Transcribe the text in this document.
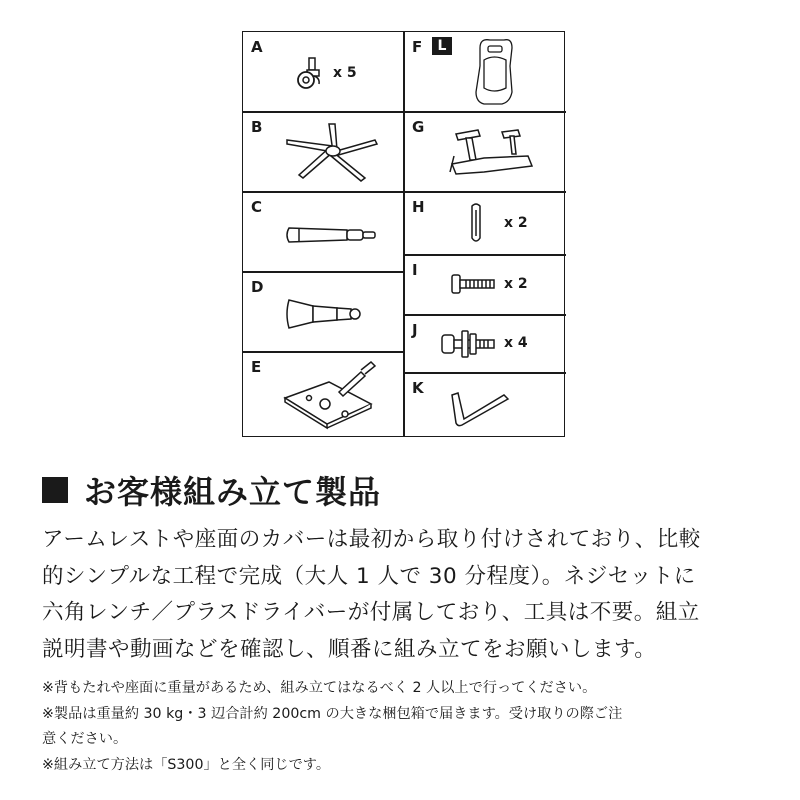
A
x 5
B
C
D
E
F	L
G
H
x 2
I
x 2
J
x 4
K
お客様組み立て製品

アームレストや座面のカバーは最初から取り付けされており、比較

的シンプルな工程で完成（大人 1 人で 30 分程度）。ネジセットに

六角レンチ／プラスドライバーが付属しており、工具は不要。組立

説明書や動画などを確認し、順番に組み立てをお願いします。

※背もたれや座面に重量があるため、組み立てはなるべく 2 人以上で行ってください。

※製品は重量約 30 kg・3 辺合計約 200cm の大きな梱包箱で届きます。受け取りの際ご注

意ください。

※組み立て方法は「S300」と全く同じです。
